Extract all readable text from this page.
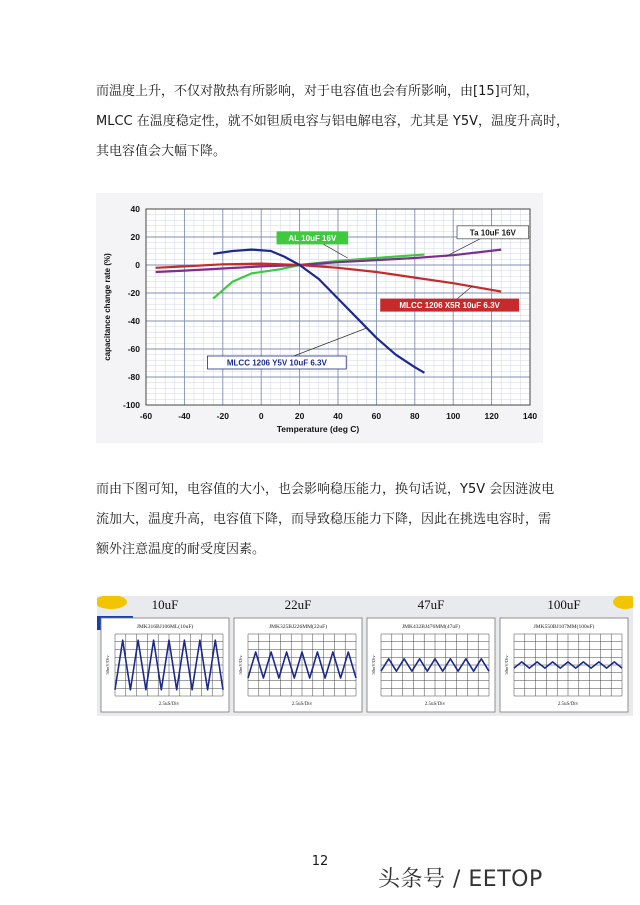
而温度上升，不仅对散热有所影响，对于电容值也会有所影响，由[15]可知，

MLCC 在温度稳定性，就不如钽质电容与铝电解电容，尤其是 Y5V，温度升高时，

其电容值会大幅下降。

-60	-40	-20	0	20	40	60	80	100	120	140
40
20
0
-20
-40
-60
-80
-100
Temperature (deg C)
capacitance change rate (%)
AL 10uF 16V
Ta 10uF 16V
MLCC 1206 X5R 10uF 6.3V
MLCC 1206 Y5V 10uF 6.3V

而由下图可知，电容值的大小，也会影响稳压能力，换句话说，Y5V 会因涟波电

流加大，温度升高，电容值下降，而导致稳压能力下降，因此在挑选电容时，需

额外注意温度的耐受度因素。

10uF
JMK316BJ106ML(10uF)
50mV/Div
2.5uS/Div
22uF
JMK325BJ226MM(22uF)
50mV/Div
2.5uS/Div
47uF
JMK432BJ476MM(47uF)
50mV/Div
2.5uS/Div
100uF
JMK550BJ107MM(100uF)
50mV/Div
2.5uS/Div
12
头条号 / EETOP
